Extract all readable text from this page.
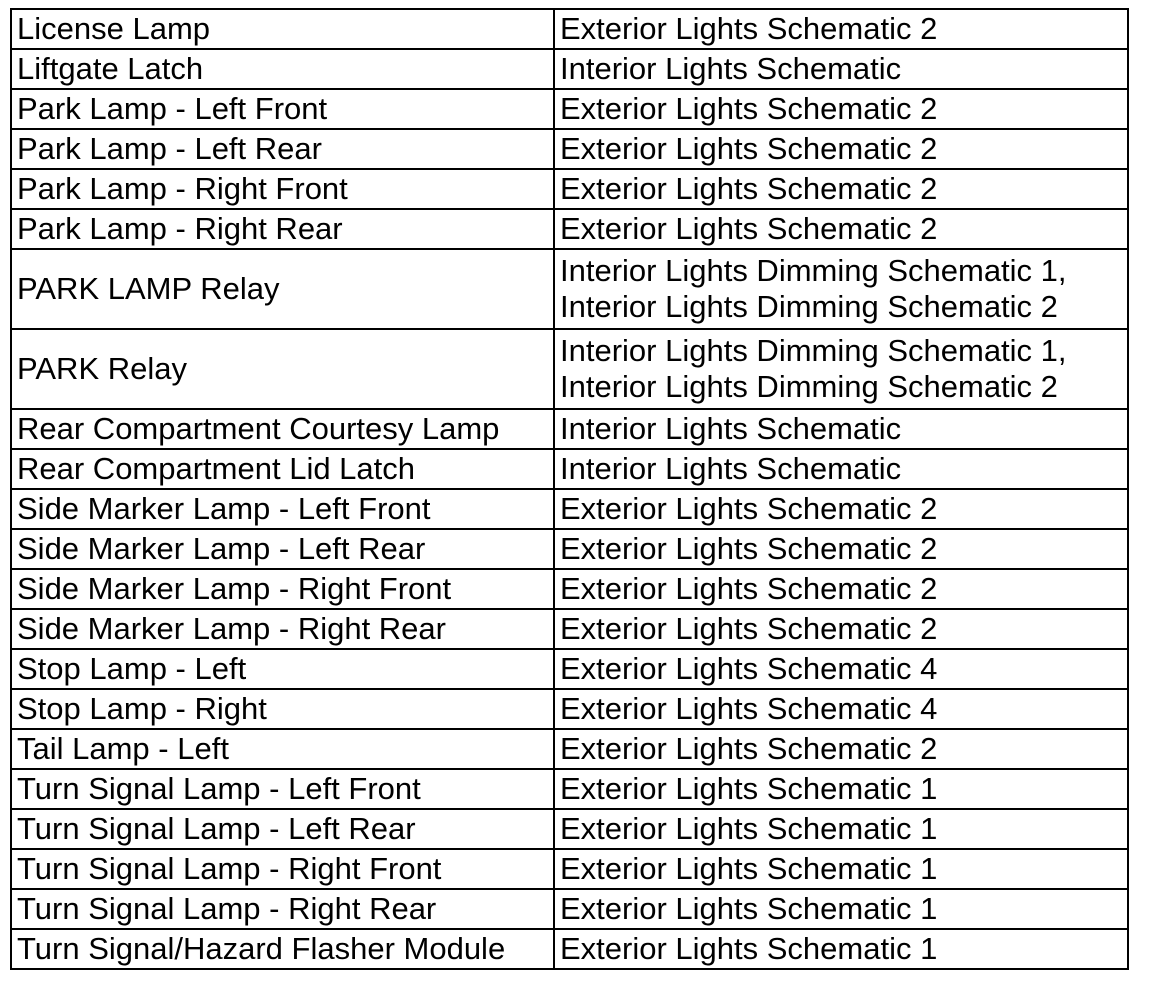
License Lamp	Exterior Lights Schematic 2

Liftgate Latch	Interior Lights Schematic

Park Lamp - Left Front	Exterior Lights Schematic 2

Park Lamp - Left Rear	Exterior Lights Schematic 2

Park Lamp - Right Front	Exterior Lights Schematic 2

Park Lamp - Right Rear	Exterior Lights Schematic 2

PARK LAMP Relay	Interior Lights Dimming Schematic 1,
Interior Lights Dimming Schematic 2

PARK Relay	Interior Lights Dimming Schematic 1,
Interior Lights Dimming Schematic 2

Rear Compartment Courtesy Lamp	Interior Lights Schematic

Rear Compartment Lid Latch	Interior Lights Schematic

Side Marker Lamp - Left Front	Exterior Lights Schematic 2

Side Marker Lamp - Left Rear	Exterior Lights Schematic 2

Side Marker Lamp - Right Front	Exterior Lights Schematic 2

Side Marker Lamp - Right Rear	Exterior Lights Schematic 2

Stop Lamp - Left	Exterior Lights Schematic 4

Stop Lamp - Right	Exterior Lights Schematic 4

Tail Lamp - Left	Exterior Lights Schematic 2

Turn Signal Lamp - Left Front	Exterior Lights Schematic 1

Turn Signal Lamp - Left Rear	Exterior Lights Schematic 1

Turn Signal Lamp - Right Front	Exterior Lights Schematic 1

Turn Signal Lamp - Right Rear	Exterior Lights Schematic 1

Turn Signal/Hazard Flasher Module	Exterior Lights Schematic 1
